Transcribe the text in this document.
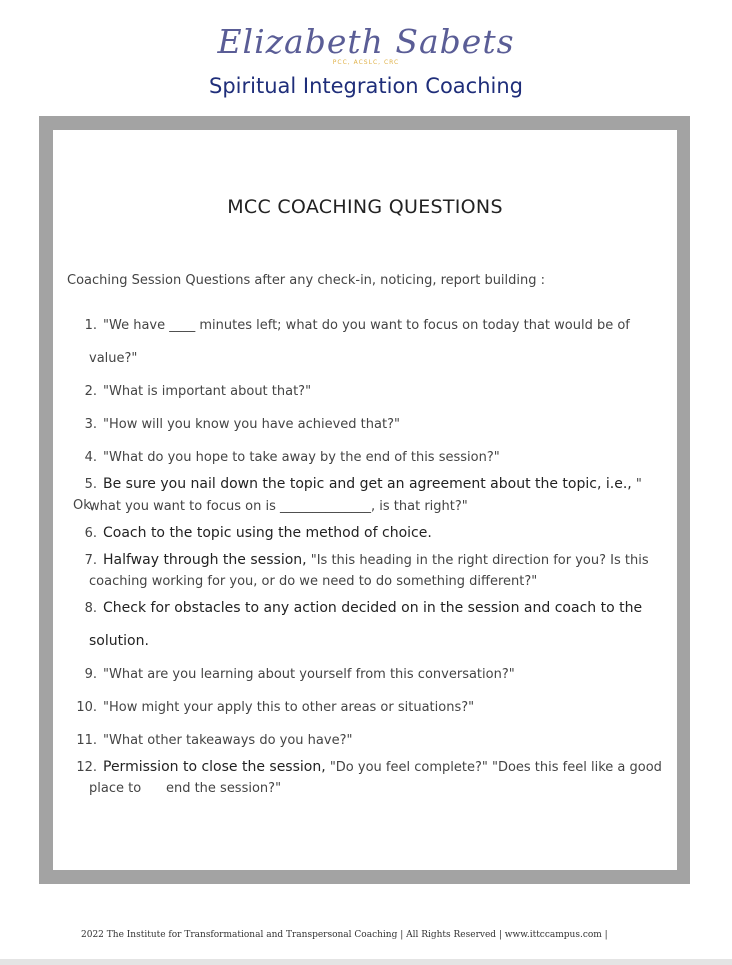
Elizabeth Sabets
PCC, ACSLC, CRC
Spiritual Integration Coaching
MCC COACHING QUESTIONS
Coaching Session Questions after any check-in, noticing, report building :
1. "We have ____ minutes left; what do you want to focus on today that would be of
value?"
2. "What is important about that?"
3. "How will you know you have achieved that?"
4. "What do you hope to take away by the end of this session?"
5. Be sure you nail down the topic and get an agreement about the topic, i.e., " Ok,
what you want to focus on is ______________, is that right?"
6. Coach to the topic using the method of choice.
7. Halfway through the session, "Is this heading in the right direction for you? Is this
coaching working for you, or do we need to do something different?"
8. Check for obstacles to any action decided on in the session and coach to the
solution.
9. "What are you learning about yourself from this conversation?"
10. "How might your apply this to other areas or situations?"
11. "What other takeaways do you have?"
12. Permission to close the session, "Do you feel complete?" "Does this feel like a good
place to      end the session?"
2022 The Institute for Transformational and Transpersonal Coaching | All Rights Reserved | www.ittccampus.com |
